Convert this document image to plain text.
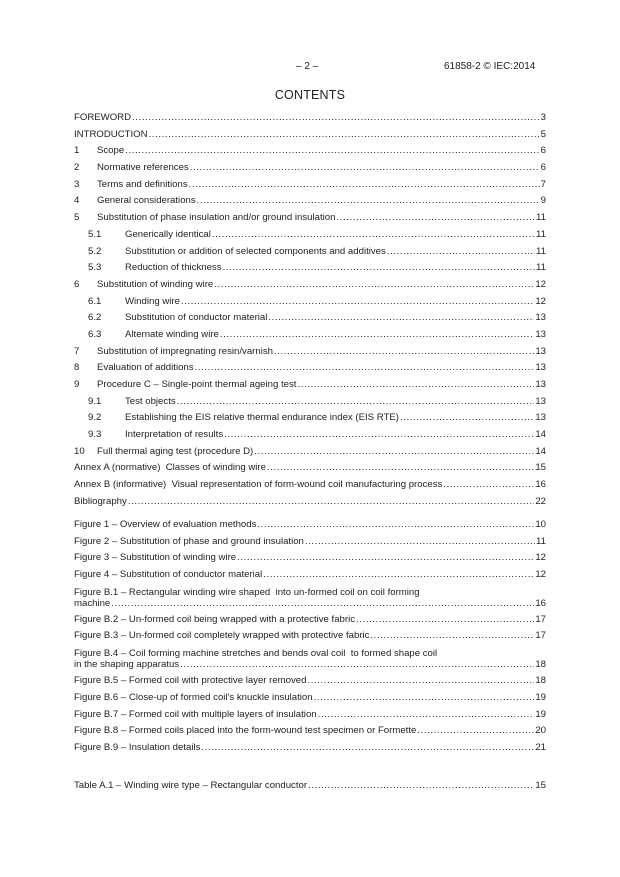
– 2 –	61858-2 © IEC:2014
CONTENTS
FOREWORD .....	3
INTRODUCTION .....	5
1	Scope .....	6
2	Normative references .....	6
3	Terms and definitions .....	7
4	General considerations .....	9
5	Substitution of phase insulation and/or ground insulation .....	11
5.1	Generically identical .....	11
5.2	Substitution or addition of selected components and additives .....	11
5.3	Reduction of thickness .....	11
6	Substitution of winding wire .....	12
6.1	Winding wire .....	12
6.2	Substitution of conductor material .....	13
6.3	Alternate winding wire .....	13
7	Substitution of impregnating resin/varnish .....	13
8	Evaluation of additions .....	13
9	Procedure C – Single-point thermal ageing test .....	13
9.1	Test objects .....	13
9.2	Establishing the EIS relative thermal endurance index (EIS RTE) .....	13
9.3	Interpretation of results .....	14
10	Full thermal aging test (procedure D) .....	14
Annex A (normative)  Classes of winding wire .....	15
Annex B (informative)  Visual representation of form-wound coil manufacturing process .....	16
Bibliography .....	22
Figure 1 – Overview of evaluation methods .....	10
Figure 2 – Substitution of phase and ground insulation .....	11
Figure 3 – Substitution of winding wire .....	12
Figure 4 – Substitution of conductor material .....	12
Figure B.1 – Rectangular winding wire shaped  into un-formed coil on coil forming
machine .....	16
Figure B.2 – Un-formed coil being wrapped with a protective fabric .....	17
Figure B.3 – Un-formed coil completely wrapped with protective fabric .....	17
Figure B.4 – Coil forming machine stretches and bends oval coil  to formed shape coil
in the shaping apparatus .....	18
Figure B.5 – Formed coil with protective layer removed .....	18
Figure B.6 – Close-up of formed coil's knuckle insulation .....	19
Figure B.7 – Formed coil with multiple layers of insulation .....	19
Figure B.8 – Formed coils placed into the form-wound test specimen or Formette .....	20
Figure B.9 – Insulation details .....	21
Table A.1 – Winding wire type – Rectangular conductor .....	15
